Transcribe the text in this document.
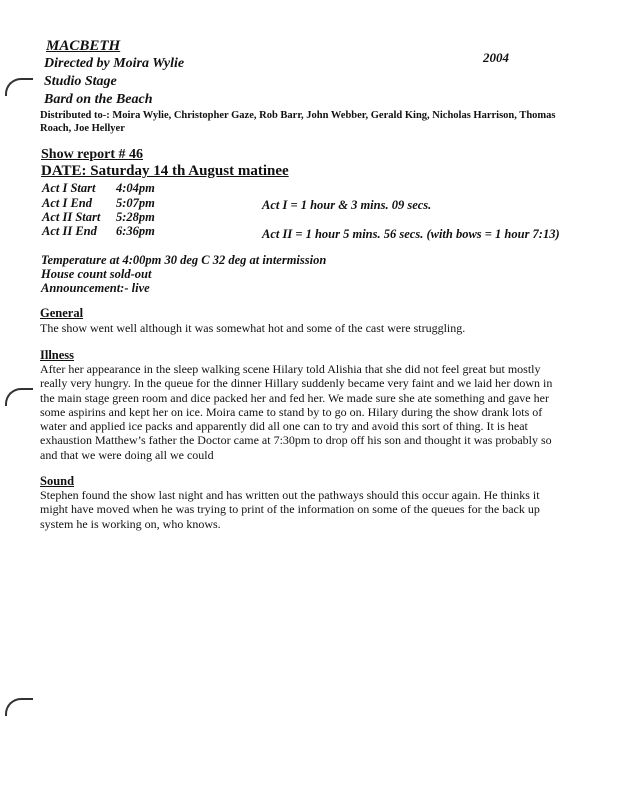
MACBETH
2004
Directed by Moira Wylie
Studio Stage
Bard on the Beach
Distributed to-: Moira Wylie, Christopher Gaze, Rob Barr, John Webber, Gerald King, Nicholas Harrison, Thomas Roach, Joe Hellyer
Show report # 46
DATE: Saturday 14 th August matinee
Act I Start 4:04pm
Act I End 5:07pm
Act II Start 5:28pm
Act II End 6:36pm
Act I = 1 hour & 3 mins. 09 secs.
Act II = 1 hour 5 mins. 56 secs. (with bows = 1 hour 7:13)
Temperature at 4:00pm 30 deg C 32 deg at intermission
House count sold-out
Announcement:- live
General
The show went well although it was somewhat hot and some of the cast were struggling.
Illness
After her appearance in the sleep walking scene Hilary told Alishia that she did not feel great but mostly really very hungry. In the queue for the dinner Hillary suddenly became very faint and we laid her down in the main stage green room and dice packed her and fed her. We made sure she ate something and gave her some aspirins and kept her on ice. Moira came to stand by to go on. Hilary during the show drank lots of water and applied ice packs and apparently did all one can to try and avoid this sort of thing. It is heat exhaustion Matthew’s father the Doctor came at 7:30pm to drop off his son and thought it was probably so and that we were doing all we could
Sound
Stephen found the show last night and has written out the pathways should this occur again. He thinks it might have moved when he was trying to print of the information on some of the queues for the back up system he is working on, who knows.
